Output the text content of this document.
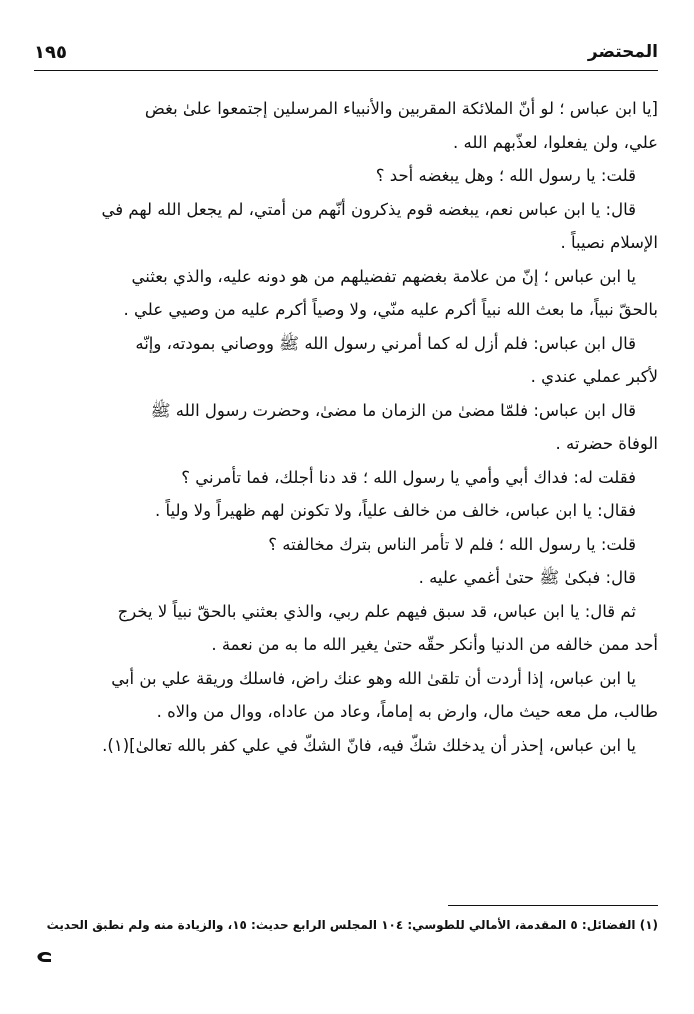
١٩٥	المحتضر
[يا ابن عباس ؛ لو أنّ الملائكة المقربين والأنبياء المرسلين إجتمعوا علىٰ بغض
علي، ولن يفعلوا، لعذّبهم الله .
قلت: يا رسول الله ؛ وهل يبغضه أحد ؟
قال: يا ابن عباس نعم، يبغضه قوم يذكرون أنّهم من أمتي، لم يجعل الله لهم في
الإسلام نصيباً .
يا ابن عباس ؛ إنّ من علامة بغضهم تفضيلهم من هو دونه عليه، والذي بعثني
بالحقّ نبياً، ما بعث الله نبياً أكرم عليه منّي، ولا وصياً أكرم عليه من وصيي علي .
قال ابن عباس: فلم أزل له كما أمرني رسول الله ﷺ ووصاني بمودته، وإنّه
لأكبر عملي عندي .
قال ابن عباس: فلمّا مضىٰ من الزمان ما مضىٰ، وحضرت رسول الله ﷺ
الوفاة حضرته .
فقلت له: فداك أبي وأمي يا رسول الله ؛ قد دنا أجلك، فما تأمرني ؟
فقال: يا ابن عباس، خالف من خالف علياً، ولا تكونن لهم ظهيراً ولا ولياً .
قلت: يا رسول الله ؛ فلم لا تأمر الناس بترك مخالفته ؟
قال: فبكىٰ ﷺ حتىٰ أغمي عليه .
ثم قال: يا ابن عباس، قد سبق فيهم علم ربي، والذي بعثني بالحقّ نبياً لا يخرج
أحد ممن خالفه من الدنيا وأنكر حقّه حتىٰ يغير الله ما به من نعمة .
يا ابن عباس، إذا أردت أن تلقىٰ الله وهو عنك راض، فاسلك وريقة علي بن أبي
طالب، مل معه حيث مال، وارض به إماماً، وعاد من عاداه، ووال من والاه .
يا ابن عباس، إحذر أن يدخلك شكّ فيه، فانّ الشكّ في علي كفر بالله تعالىٰ](١).
(١) الفضائل: ٥ المقدمة، الأمالي للطوسي: ١٠٤ المجلس الرابع حديث: ١٥، والزيادة منه ولم نطبق الحديث
